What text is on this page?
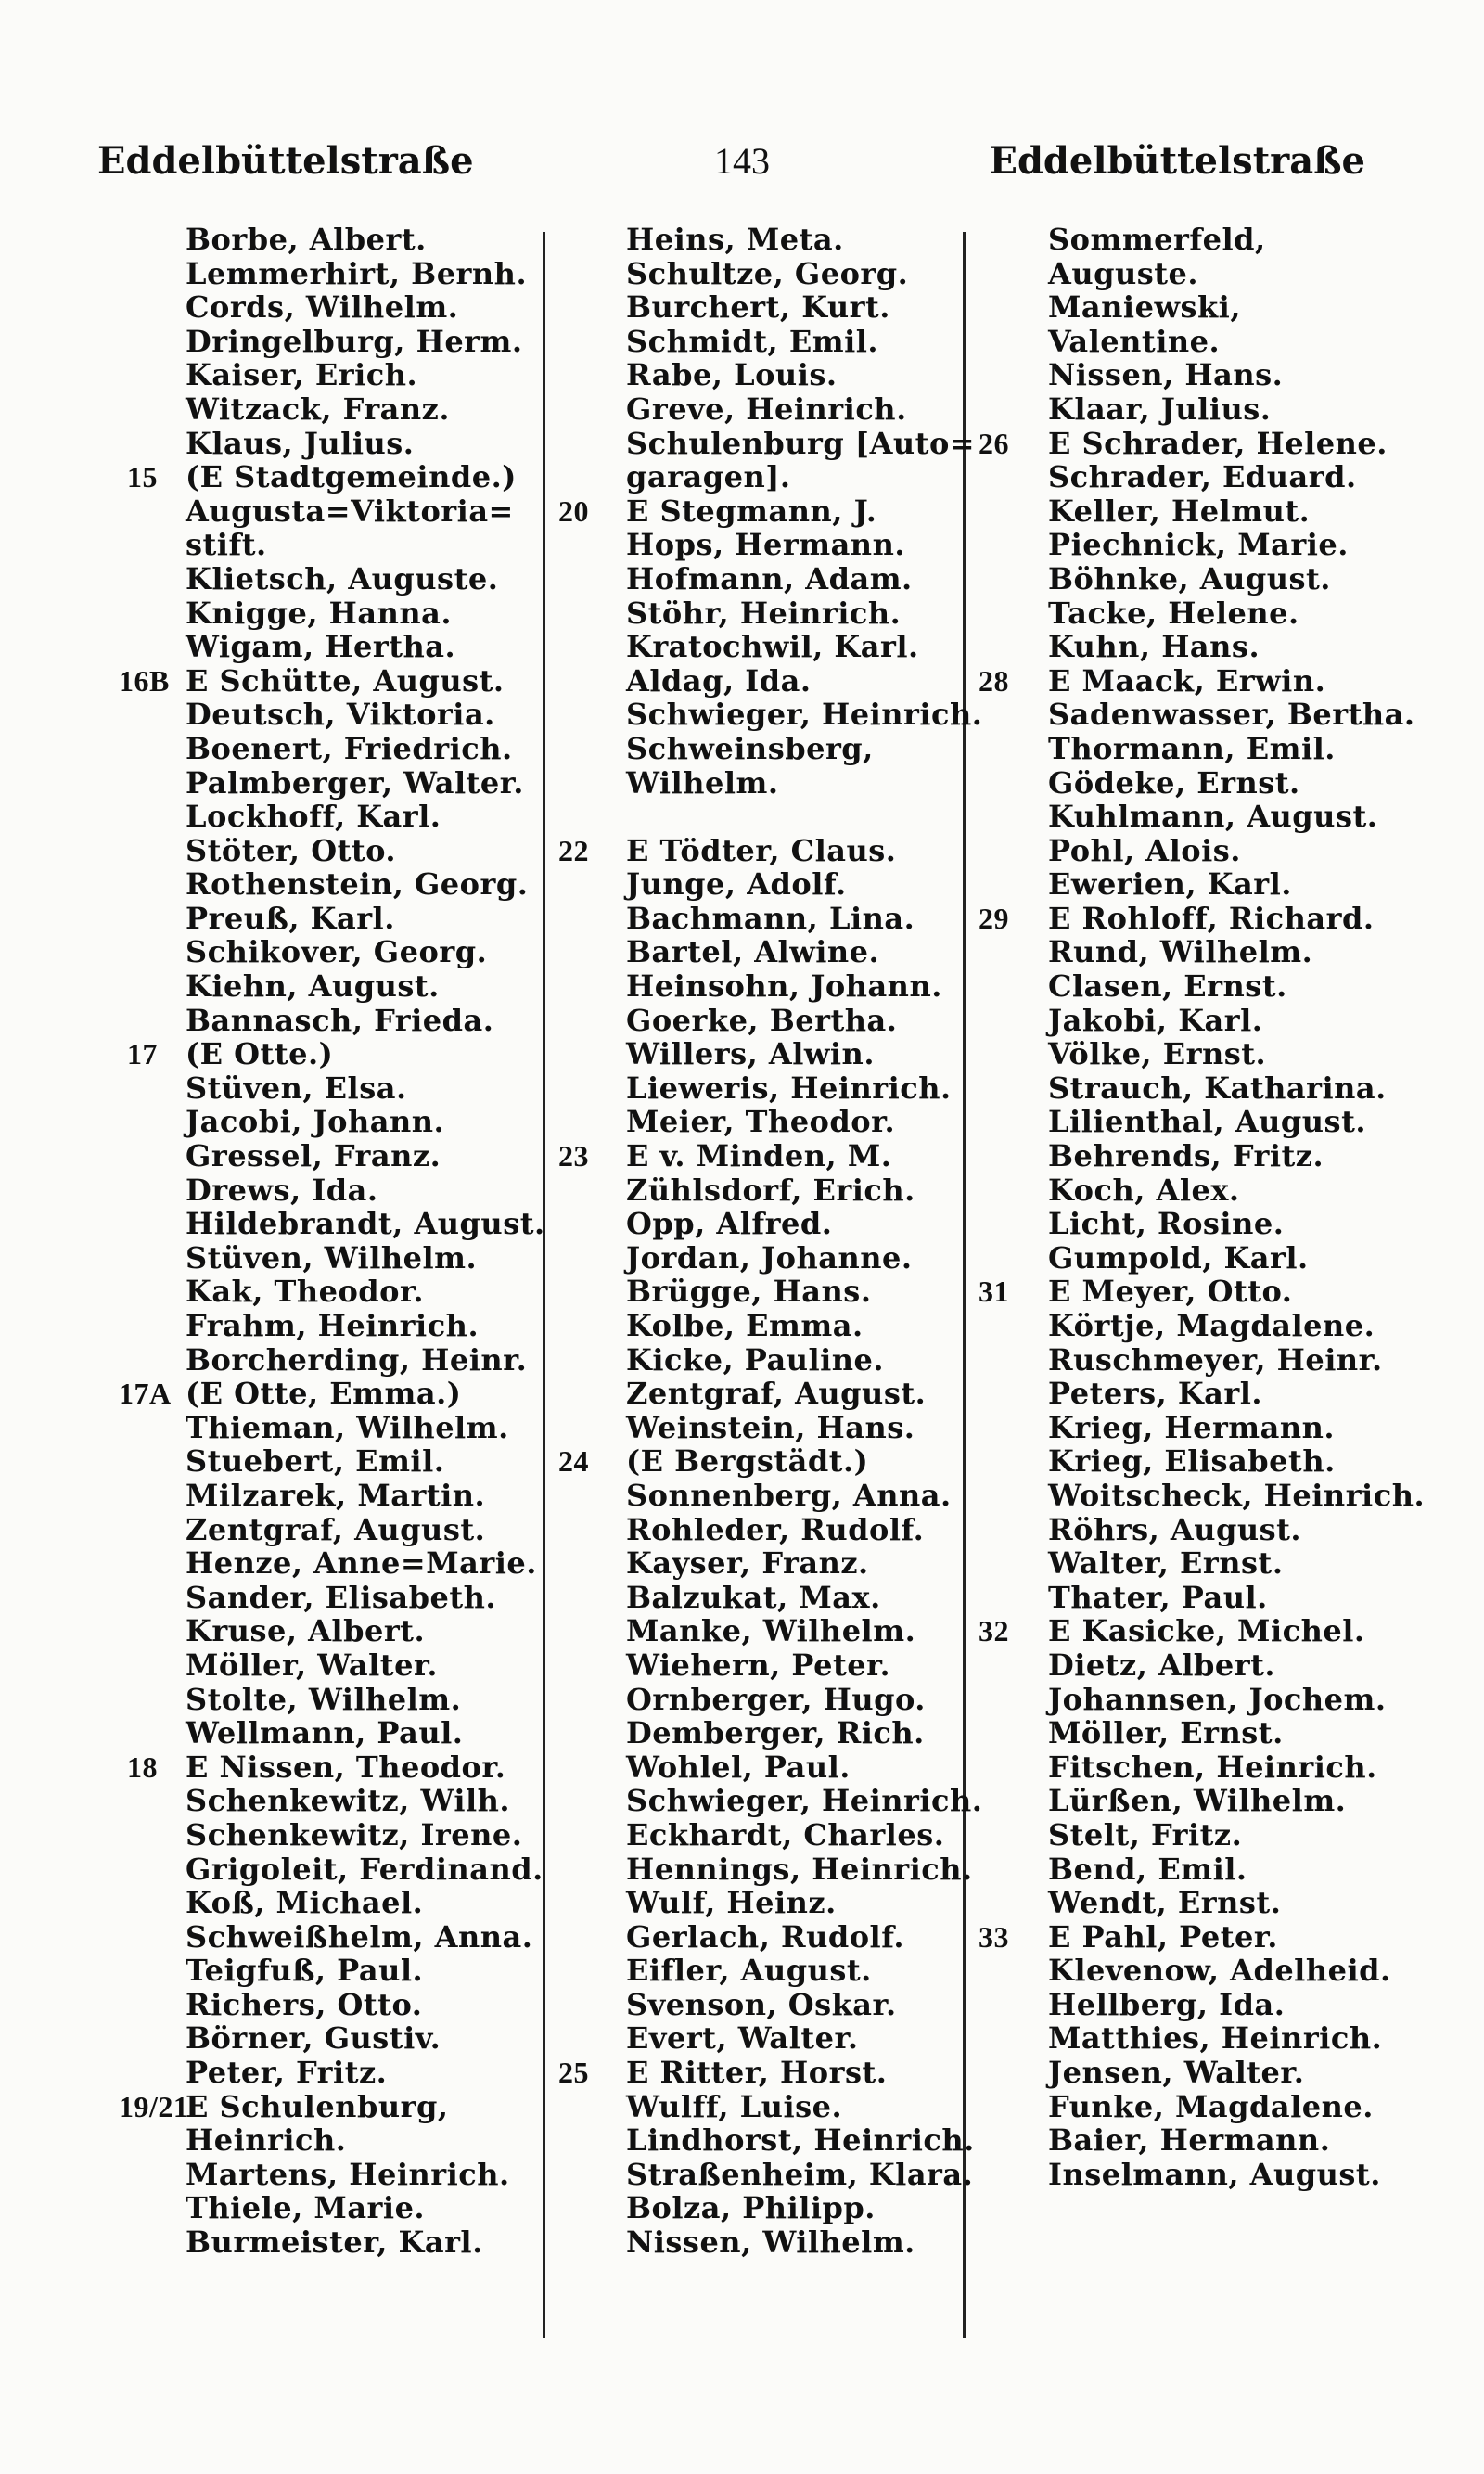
Eddelbüttelstraße	143	Eddelbüttelstraße
Borbe, Albert.
Lemmerhirt, Bernh.
Cords, Wilhelm.
Dringelburg, Herm.
Kaiser, Erich.
Witzack, Franz.
Klaus, Julius.
15 (E Stadtgemeinde.)
Augusta=Viktoria=
stift.
Klietsch, Auguste.
Knigge, Hanna.
Wigam, Hertha.
16B E Schütte, August.
Deutsch, Viktoria.
Boenert, Friedrich.
Palmberger, Walter.
Lockhoff, Karl.
Stöter, Otto.
Rothenstein, Georg.
Preuß, Karl.
Schikover, Georg.
Kiehn, August.
Bannasch, Frieda.
17 (E Otte.)
Stüven, Elsa.
Jacobi, Johann.
Gressel, Franz.
Drews, Ida.
Hildebrandt, August.
Stüven, Wilhelm.
Kak, Theodor.
Frahm, Heinrich.
Borcherding, Heinr.
17A (E Otte, Emma.)
Thieman, Wilhelm.
Stuebert, Emil.
Milzarek, Martin.
Zentgraf, August.
Henze, Anne=Marie.
Sander, Elisabeth.
Kruse, Albert.
Möller, Walter.
Stolte, Wilhelm.
Wellmann, Paul.
18 E Nissen, Theodor.
Schenkewitz, Wilh.
Schenkewitz, Irene.
Grigoleit, Ferdinand.
Koß, Michael.
Schweißhelm, Anna.
Teigfuß, Paul.
Richers, Otto.
Börner, Gustiv.
Peter, Fritz.
19/21
E Schulenburg,
Heinrich.
Martens, Heinrich.
Thiele, Marie.
Burmeister, Karl.
Heins, Meta.
Schultze, Georg.
Burchert, Kurt.
Schmidt, Emil.
Rabe, Louis.
Greve, Heinrich.
Schulenburg [Auto=
garagen].
20 E Stegmann, J.
Hops, Hermann.
Hofmann, Adam.
Stöhr, Heinrich.
Kratochwil, Karl.
Aldag, Ida.
Schwieger, Heinrich.
Schweinsberg,
Wilhelm.
22 E Tödter, Claus.
Junge, Adolf.
Bachmann, Lina.
Bartel, Alwine.
Heinsohn, Johann.
Goerke, Bertha.
Willers, Alwin.
Lieweris, Heinrich.
Meier, Theodor.
23 E v. Minden, M.
Zühlsdorf, Erich.
Opp, Alfred.
Jordan, Johanne.
Brügge, Hans.
Kolbe, Emma.
Kicke, Pauline.
Zentgraf, August.
Weinstein, Hans.
24 (E Bergstädt.)
Sonnenberg, Anna.
Rohleder, Rudolf.
Kayser, Franz.
Balzukat, Max.
Manke, Wilhelm.
Wiehern, Peter.
Ornberger, Hugo.
Demberger, Rich.
Wohlel, Paul.
Schwieger, Heinrich.
Eckhardt, Charles.
Hennings, Heinrich.
Wulf, Heinz.
Gerlach, Rudolf.
Eifler, August.
Svenson, Oskar.
Evert, Walter.
25 E Ritter, Horst.
Wulff, Luise.
Lindhorst, Heinrich.
Straßenheim, Klara.
Bolza, Philipp.
Nissen, Wilhelm.
Sommerfeld,
Auguste.
Maniewski,
Valentine.
Nissen, Hans.
Klaar, Julius.
26 E Schrader, Helene.
Schrader, Eduard.
Keller, Helmut.
Piechnick, Marie.
Böhnke, August.
Tacke, Helene.
Kuhn, Hans.
28 E Maack, Erwin.
Sadenwasser, Bertha.
Thormann, Emil.
Gödeke, Ernst.
Kuhlmann, August.
Pohl, Alois.
Ewerien, Karl.
29 E Rohloff, Richard.
Rund, Wilhelm.
Clasen, Ernst.
Jakobi, Karl.
Völke, Ernst.
Strauch, Katharina.
Lilienthal, August.
Behrends, Fritz.
Koch, Alex.
Licht, Rosine.
Gumpold, Karl.
31 E Meyer, Otto.
Körtje, Magdalene.
Ruschmeyer, Heinr.
Peters, Karl.
Krieg, Hermann.
Krieg, Elisabeth.
Woitscheck, Heinrich.
Röhrs, August.
Walter, Ernst.
Thater, Paul.
32 E Kasicke, Michel.
Dietz, Albert.
Johannsen, Jochem.
Möller, Ernst.
Fitschen, Heinrich.
Lürßen, Wilhelm.
Stelt, Fritz.
Bend, Emil.
Wendt, Ernst.
33 E Pahl, Peter.
Klevenow, Adelheid.
Hellberg, Ida.
Matthies, Heinrich.
Jensen, Walter.
Funke, Magdalene.
Baier, Hermann.
Inselmann, August.
